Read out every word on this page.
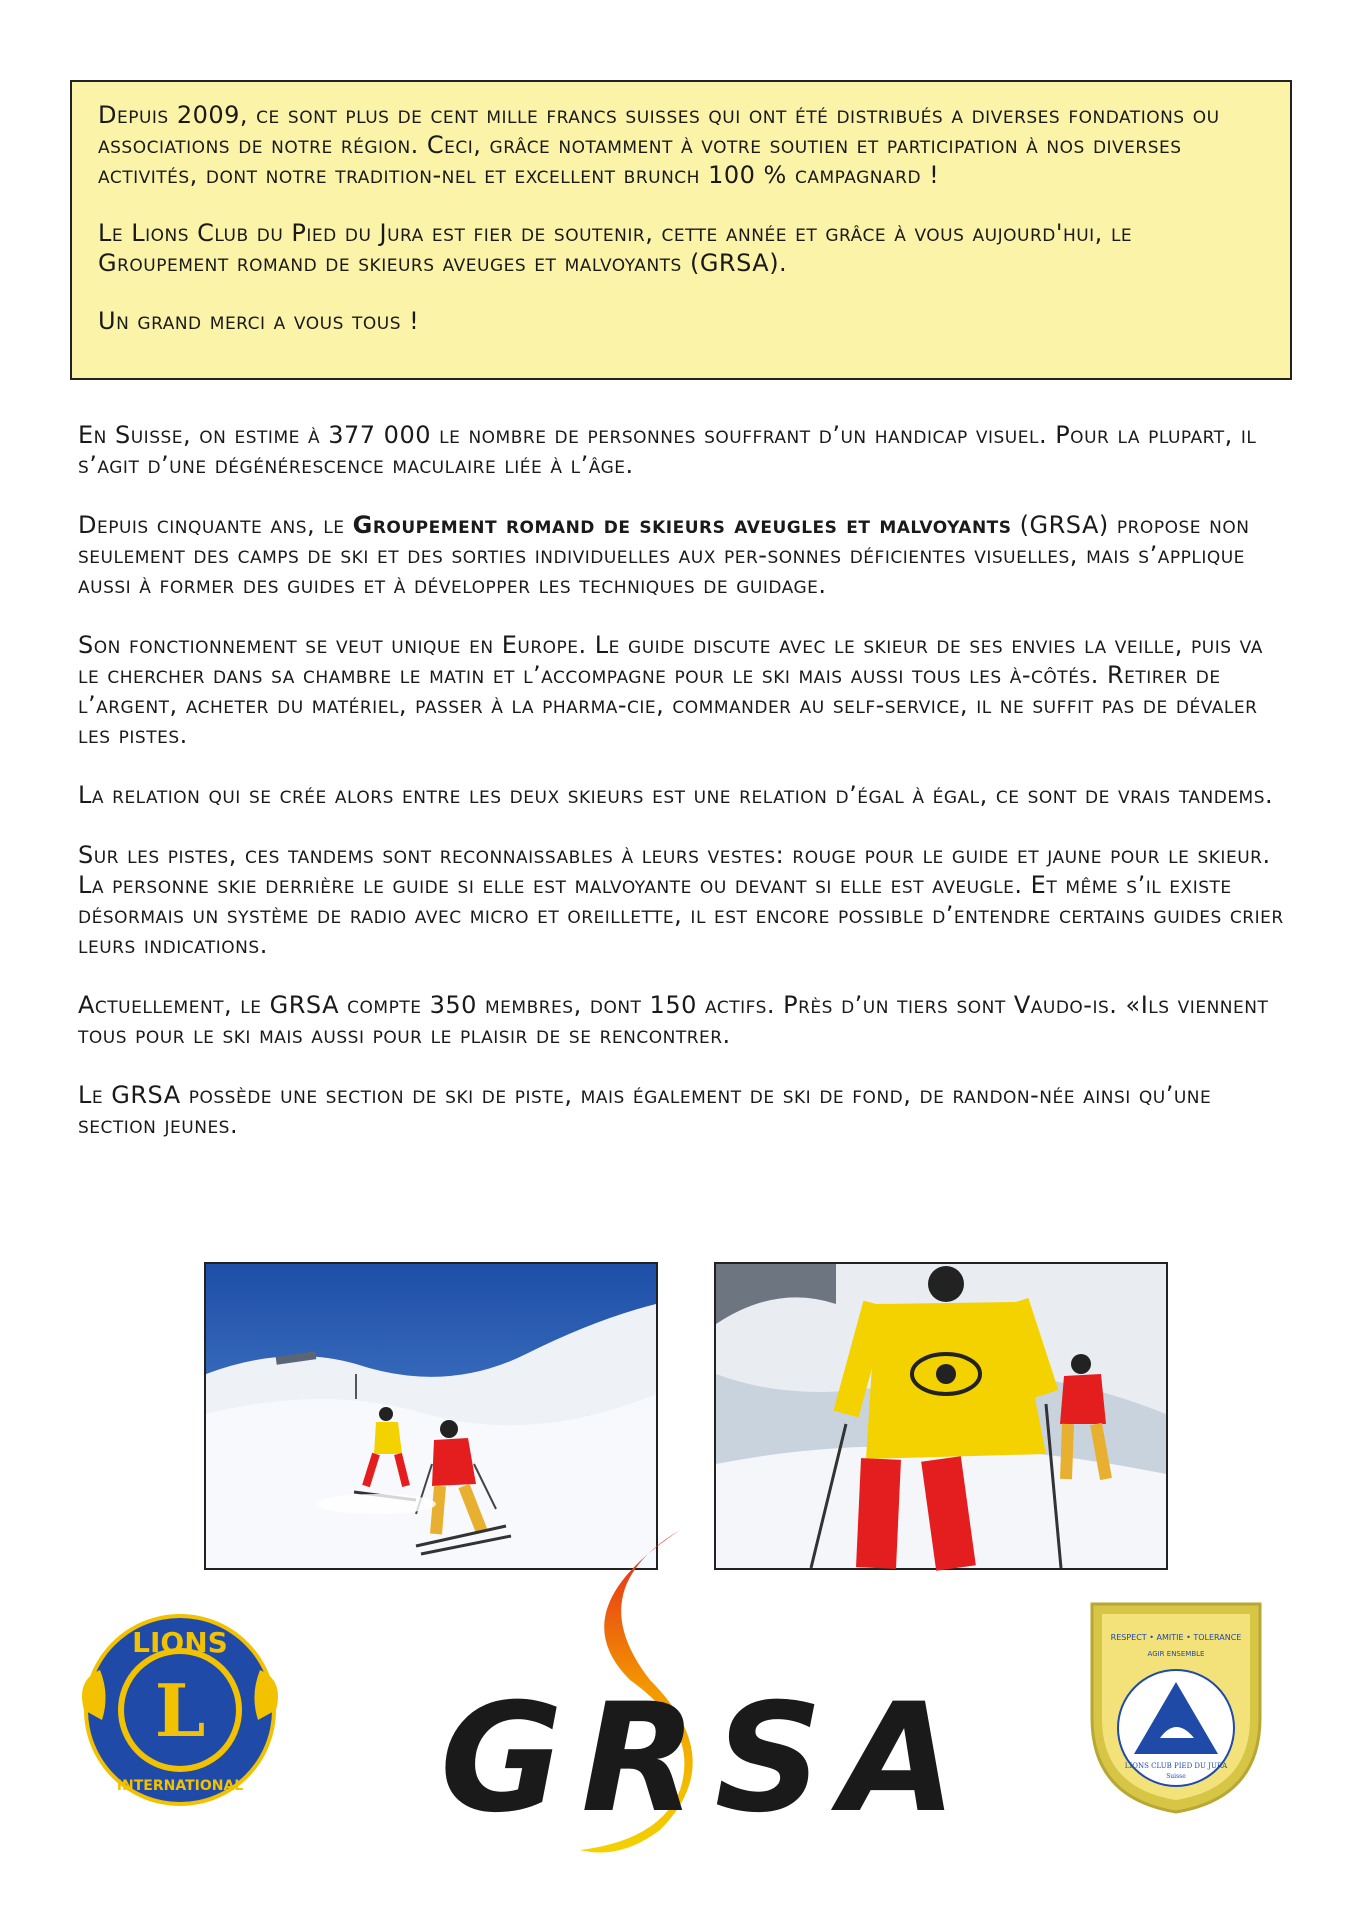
Depuis 2009, ce sont plus de cent mille francs suisses qui ont été distribués a diverses fondations ou associations de notre région. Ceci, grâce notamment à votre soutien et participation à nos diverses activités, dont notre tradition-nel et excellent brunch 100 % campagnard !

Le Lions Club du Pied du Jura est fier de soutenir, cette année et grâce à vous aujourd'hui, le Groupement romand de skieurs aveuges et malvoyants (GRSA).

Un grand merci a vous tous !

En Suisse, on estime à 377 000 le nombre de personnes souffrant d’un handicap visuel. Pour la plupart, il s’agit d’une dégénérescence maculaire liée à l’âge.

Depuis cinquante ans, le Groupement romand de skieurs aveugles et malvoyants (GRSA) propose non seulement des camps de ski et des sorties individuelles aux per-sonnes déficientes visuelles, mais s’applique aussi à former des guides et à développer les techniques de guidage.

Son fonctionnement se veut unique en Europe. Le guide discute avec le skieur de ses envies la veille, puis va le chercher dans sa chambre le matin et l’accompagne pour le ski mais aussi tous les à-côtés. Retirer de l’argent, acheter du matériel, passer à la pharma-cie, commander au self-service, il ne suffit pas de dévaler les pistes.

La relation qui se crée alors entre les deux skieurs est une relation d’égal à égal, ce sont de vrais tandems.

Sur les pistes, ces tandems sont reconnaissables à leurs vestes: rouge pour le guide et jaune pour le skieur. La personne skie derrière le guide si elle est malvoyante ou devant si elle est aveugle. Et même s’il existe désormais un système de radio avec micro et oreillette, il est encore possible d’entendre certains guides crier leurs indications.

Actuellement, le GRSA compte 350 membres, dont 150 actifs. Près d’un tiers sont Vaudo-is. «Ils viennent tous pour le ski mais aussi pour le plaisir de se rencontrer.

Le GRSA possède une section de ski de piste, mais également de ski de fond, de randon-née ainsi qu’une section jeunes.

LIONS
L
INTERNATIONAL GRSA
RESPECT • AMITIE • TOLERANCE
AGIR ENSEMBLE
LIONS CLUB PIED DU JURA
Suisse
